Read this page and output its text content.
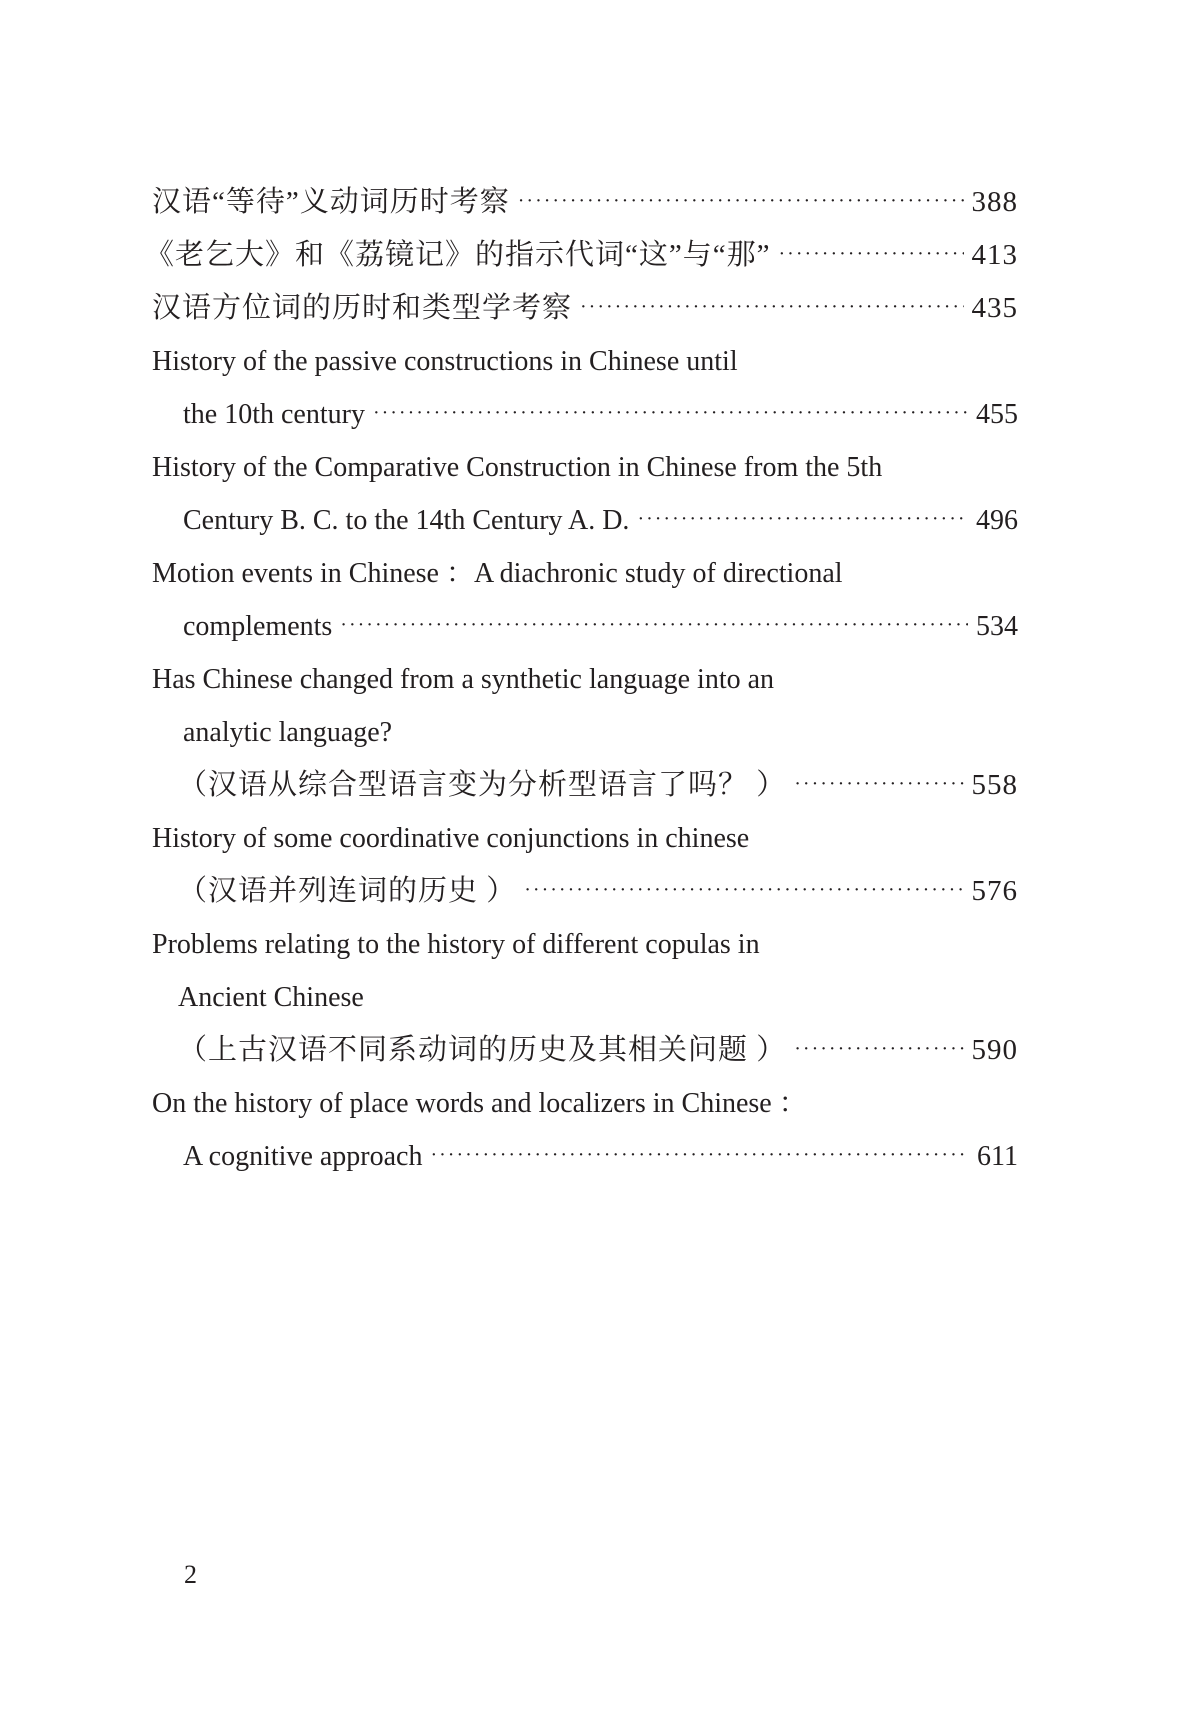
汉语“等待”义动词历时考察 ·····	388
《老乞大》和《荔镜记》的指示代词“这”与“那” ·····	413
汉语方位词的历时和类型学考察 ·····	435
History of the passive constructions in Chinese until
the 10th century ·····	455
History of the Comparative Construction in Chinese from the 5th
Century B. C. to the 14th Century A. D. ·····	496
Motion events in Chinese ：A diachronic study of directional
complements ·····	534
Has Chinese changed from a synthetic language into an
analytic language?
（汉语从综合型语言变为分析型语言了吗？ ） ·····	558
History of some coordinative conjunctions in chinese
（汉语并列连词的历史 ） ·····	576
Problems relating to the history of different copulas in
Ancient Chinese
（上古汉语不同系动词的历史及其相关问题 ） ·····	590
On the history of place words and localizers in Chinese ：
A cognitive approach ·····	611
2
